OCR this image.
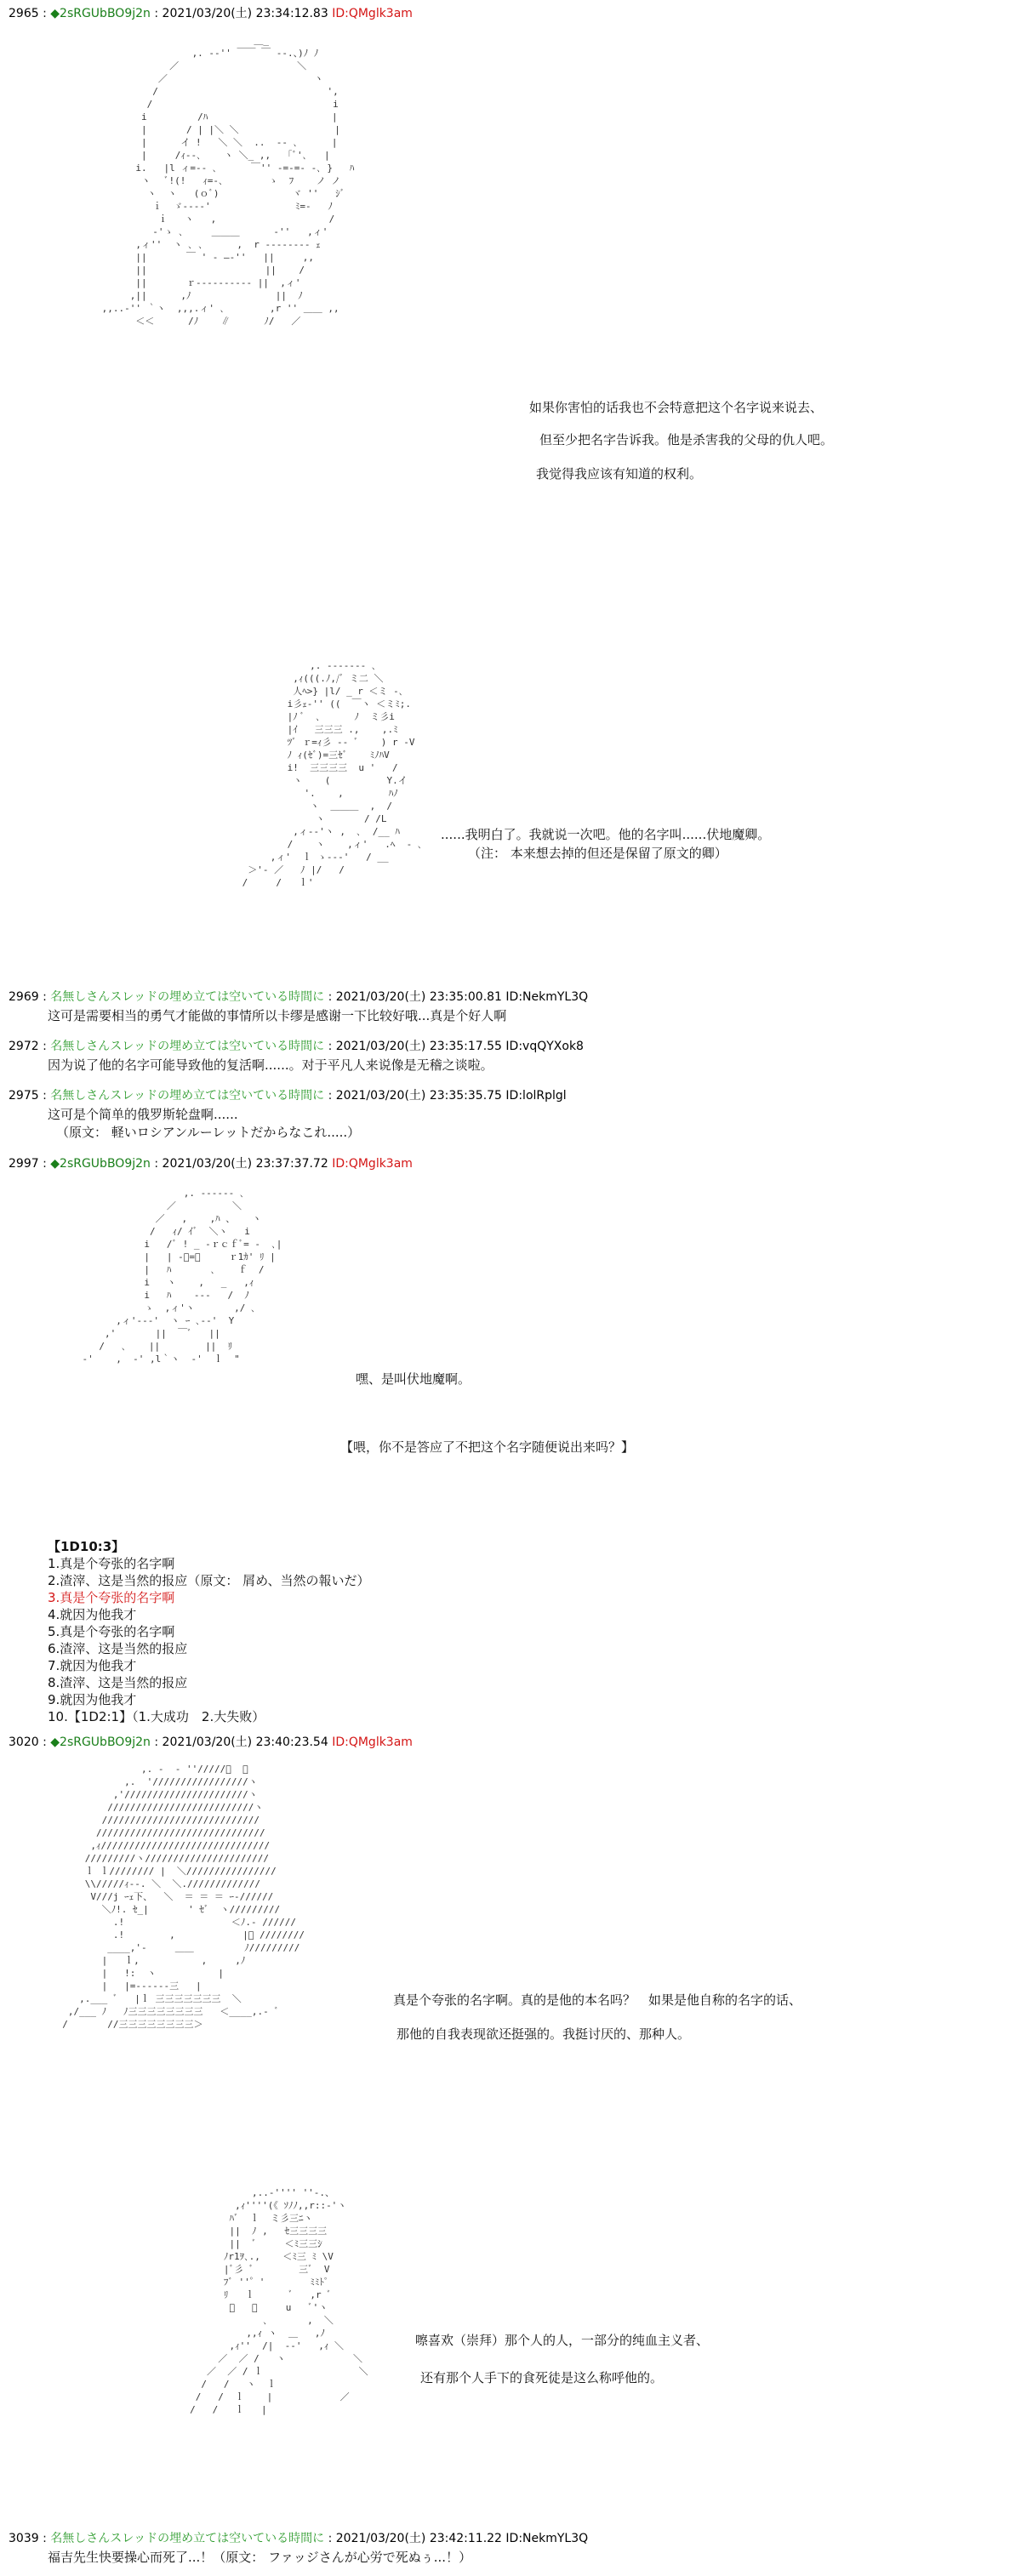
2965 : ◆2sRGUbBO9j2n : 2021/03/20(土) 23:34:12.83 ID:QMglk3am
＿_
,. -‐'' ￣￣ ￣ ‐-.、)ﾉ ﾉ
／                     ＼
／                          ヽ
/                              ',
/                                i
i         /ﾊ                      |
|       / | |＼ ＼                 |
|      イ !   ＼ ＼  ..  ‐- ､      |
|     /ｨ‐-､    ヽ ＼_ ,,   ｢ﾞ'､   |
i.   |l ィ=-‐ ､      ￣'' -=‐=‐ ‐､ }   ﾊ
ヽ   ﾞ!(!   ｨ=-､        ゝ  ﾌ    ノ ノ
ヽ  ヽ   (ｏﾞ)             ヾ ''   ｼﾞ
ｉ  ゞ-‐‐‐'               ﾐ=‐   ﾉ
ｉ   ヽ   ,                    /
‐'ゝ ､     ＿＿＿      ‐''   ,ィ'
,ィ''  ヽ ､ ､      ,  r ‐‐‐‐‐‐‐‐ ｪ
||       ￣ ' ‐ ―‐''   ||     ,,
||                     ||    /
||       ｒ‐-‐‐‐‐‐‐‐‐ ||  ,ィ'
,||      ,ﾉ               ||  ﾉ
,,..-'' ｀ヽ  ,,,.ィ' ､        ,r '' ＿＿ ,,
＜＜      /ﾉ    ∥      ﾉ/   ／
如果你害怕的话我也不会特意把这个名字说来说去、
但至少把名字告诉我。他是杀害我的父母的仇人吧。
我觉得我应该有知道的权利。
,. -‐‐‐‐‐‐ ､
,ｨ(((.ﾉ,/ﾞ ミ二 ＼
人ﾍ>} |l/ _ r ＜ミ ‐､
i彡ｪ‐'' ((  ￣ヽ ＜ミﾐ;.
|ﾉ ﾞ  ､      ﾉ  ミ彡i
|ｲ   三三三 .,    ,.ﾐ
ﾂﾞ ｒ=ｨ彡 ‐‐ ﾞ    ) r ‐V
ﾉ ｨ(ｾﾞ)=三ｾﾞ    ﾐﾉﾊV
i!  三三三三  u '   /
ヽ    (          Y.イ
'.    ,        ﾊﾉ
ヽ  ＿＿＿  ,  /
ヽ       / /L
,ィ‐‐'ヽ ,  ､  /__ ﾊ
/    ヽ    ,ィ'   .ﾍ  ‐ ､
,ィ'  ｌ ゝ‐‐‐'   / __
＞'‐ ／   ﾉ |/   /
/     /   ｌ'
......我明白了。我就说一次吧。他的名字叫......伏地魔卿。
（注： 本来想去掉的但还是保留了原文的卿）
2969 : 名無しさんスレッドの埋め立ては空いている時間に : 2021/03/20(土) 23:35:00.81 ID:NekmYL3Q
这可是需要相当的勇气才能做的事情所以卡缪是感谢一下比较好哦...真是个好人啊
2972 : 名無しさんスレッドの埋め立ては空いている時間に : 2021/03/20(土) 23:35:17.55 ID:vqQYXok8
因为说了他的名字可能导致他的复活啊......。对于平凡人来说像是无稽之谈啦。
2975 : 名無しさんスレッドの埋め立ては空いている時間に : 2021/03/20(土) 23:35:35.75 ID:lolRplgl
这可是个简单的俄罗斯轮盘啊......
（原文： 軽いロシアンルーレットだからなこれ.....）
2997 : ◆2sRGUbBO9j2n : 2021/03/20(土) 23:37:37.72 ID:QMglk3am
,. -‐‐‐‐‐ ､
／          ＼
／   ,    ,ﾊ 、   ヽ
/   ｨ/ ｲﾞ  ＼ヽ   i
i   /ﾞ ! _ ‐ｒｃｆﾞ= ‐  ､|
|   | ‐ﾞ=ﾞ     ｒ1ｶ' ﾘ |
|   ﾊ       ､    ｆ  /
i   ヽ    ,   _   ,ｨ
i   ﾊ    ‐‐‐   /  ﾉ
ゝ  ,ィ'ヽ       ,/ ､
,ィ'‐‐-'  ヽ ｰ ､‐‐'  Y
,'       ||  ￣ﾞ   ||
/   ､    ||        ||  ﾘ
‐'    ,  ‐' ,l｀ヽ  ‐'  ｌ  "
嘿、是叫伏地魔啊。
【喂，你不是答应了不把这个名字随便说出来吗？】
【1D10:3】
1.真是个夸张的名字啊
2.渣滓、这是当然的报应（原文： 屑め、当然の報いだ）
3.真是个夸张的名字啊
4.就因为他我才
5.真是个夸张的名字啊
6.渣滓、这是当然的报应
7.就因为他我才
8.渣滓、这是当然的报应
9.就因为他我才
10.【1D2:1】（1.大成功　2.大失败）
3020 : ◆2sRGUbBO9j2n : 2021/03/20(土) 23:40:23.54 ID:QMglk3am
,. -  ‐ ''/////ﾞ  ､
,.  '/////////////////ヽ
,'//////////////////////ヽ
//////////////////////////ヽ
////////////////////////////
//////////////////////////////
,ｨ//////////////////////////////
/////////ヽ//////////////////////
ｌ ｌ//////// |  ＼////////////////
\\/////ｨ‐‐. ＼  ＼./////////////
V///j ｰｪ下、  ＼  ＝ ＝ ＝ ｰ-//////
＼ﾉ!. ｾ_|       ' ｾﾞ  ヽ/////////
.!                   ＜ﾉ.- //////
.!        ,            |ﾞ ////////
____,'‐     ＿＿         ﾉ/////////
|   ｌ,           ,     ,ﾉ
|   !:  ヽ           |
|   |=‐‐‐‐‐‐三   |
,.___ ﾞ   |ｌ 三三三三三三三  ＼
,/___ ﾉ   ﾉ三三三三三三三三   ＜____,.- ﾞ
/       //三三三三三三三三＞
真是个夸张的名字啊。真的是他的本名吗？　如果是他自称的名字的话、
那他的自我表现欲还挺强的。我挺讨厌的、那种人。
,..‐'''' ''‐.、
,ｨ''''(《 ｿﾉﾉ,,r::‐'ヽ
ﾊﾞ  ｌ  ミ彡三ﾆヽ
||  ﾉ ,   ｾ三三三三
||  ﾞ     ＜ﾐ三三ｼ
ﾉr1ｦ､.,    ＜ﾐ三 ﾐ \V
|ﾞ彡 ﾞ        三ﾞ  V
ﾌﾞ ''゜'        ﾐﾐﾄﾟ
ﾘ   ｌ      ﾞ   ,r ﾞ
ﾞ   ､     u   ﾞ'ヽ
､       ,  ＼
,,ｨ ヽ  ＿   ,ﾉ
,ｨ''  /|  ‐‐'   ,ｨ ＼
／  ／ /   ヽ            ＼
／  ／ / ｌ                 ＼
/   /   ヽ  ｌ
/   /  ｌ    |            ／
/   /   ｌ   |
嚓喜欢（崇拜）那个人的人，一部分的纯血主义者、
还有那个人手下的食死徒是这么称呼他的。
3039 : 名無しさんスレッドの埋め立ては空いている時間に : 2021/03/20(土) 23:42:11.22 ID:NekmYL3Q
福吉先生快要操心而死了...！（原文： ファッジさんが心労で死ぬぅ...！）
